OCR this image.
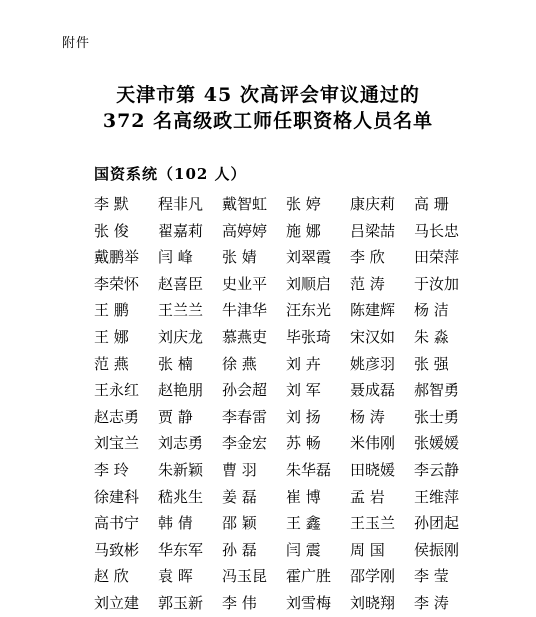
附件
天津市第 45 次高评会审议通过的
372 名高级政工师任职资格人员名单
国资系统（102 人）
李 默	程非凡	戴智虹	张 婷	康庆莉	高 珊
张 俊	翟嘉莉	高婷婷	施 娜	吕梁喆	马长忠
戴鹏举	闫 峰	张 婧	刘翠霞	李 欣	田荣萍
李荣怀	赵喜臣	史业平	刘顺启	范 涛	于汝加
王 鹏	王兰兰	牛津华	汪东光	陈建辉	杨 洁
王 娜	刘庆龙	慕燕吏	毕张琦	宋汉如	朱 淼
范 燕	张 楠	徐 燕	刘 卉	姚彦羽	张 强
王永红	赵艳朋	孙会超	刘 军	聂成磊	郝智勇
赵志勇	贾 静	李春雷	刘 扬	杨 涛	张士勇
刘宝兰	刘志勇	李金宏	苏 畅	米伟刚	张媛媛
李 玲	朱新颖	曹 羽	朱华磊	田晓媛	李云静
徐建科	嵇兆生	姜 磊	崔 博	孟 岩	王维萍
高书宁	韩 倩	邵 颖	王 鑫	王玉兰	孙团起
马致彬	华东军	孙 磊	闫 震	周 国	侯振刚
赵 欣	袁 晖	冯玉昆	霍广胜	邵学刚	李 莹
刘立建	郭玉新	李 伟	刘雪梅	刘晓翔	李 涛
